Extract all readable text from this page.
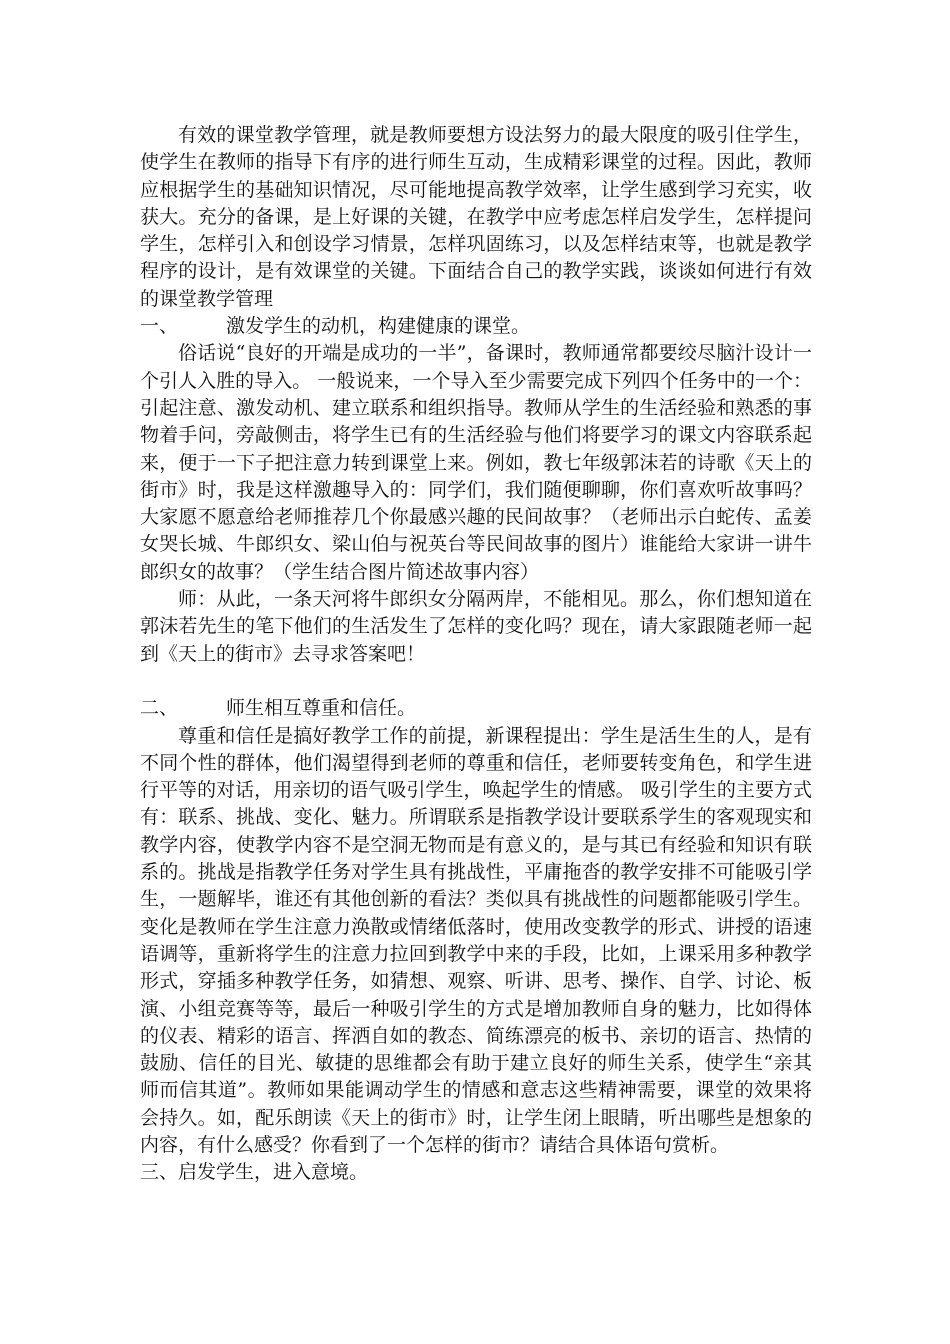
有效的课堂教学管理，就是教师要想方设法努力的最大限度的吸引住学生，使学生在教师的指导下有序的进行师生互动，生成精彩课堂的过程。因此，教师应根据学生的基础知识情况，尽可能地提高教学效率，让学生感到学习充实，收获大。充分的备课，是上好课的关键，在教学中应考虑怎样启发学生，怎样提问学生，怎样引入和创设学习情景，怎样巩固练习，以及怎样结束等，也就是教学程序的设计，是有效课堂的关键。下面结合自己的教学实践，谈谈如何进行有效的课堂教学管理

一、	激发学生的动机，构建健康的课堂。

俗话说“良好的开端是成功的一半”，备课时，教师通常都要绞尽脑汁设计一个引人入胜的导入。 一般说来，一个导入至少需要完成下列四个任务中的一个：引起注意、激发动机、建立联系和组织指导。教师从学生的生活经验和熟悉的事物着手问，旁敲侧击，将学生已有的生活经验与他们将要学习的课文内容联系起来，便于一下子把注意力转到课堂上来。例如，教七年级郭沫若的诗歌《天上的街市》时，我是这样激趣导入的：同学们，我们随便聊聊，你们喜欢听故事吗？大家愿不愿意给老师推荐几个你最感兴趣的民间故事？（老师出示白蛇传、孟姜女哭长城、牛郎织女、梁山伯与祝英台等民间故事的图片）谁能给大家讲一讲牛郎织女的故事？（学生结合图片简述故事内容）

师：从此，一条天河将牛郎织女分隔两岸，不能相见。那么，你们想知道在郭沫若先生的笔下他们的生活发生了怎样的变化吗？现在，请大家跟随老师一起到《天上的街市》去寻求答案吧！

二、	师生相互尊重和信任。

尊重和信任是搞好教学工作的前提，新课程提出：学生是活生生的人，是有不同个性的群体，他们渴望得到老师的尊重和信任，老师要转变角色，和学生进行平等的对话，用亲切的语气吸引学生，唤起学生的情感。 吸引学生的主要方式有：联系、挑战、变化、魅力。所谓联系是指教学设计要联系学生的客观现实和教学内容，使教学内容不是空洞无物而是有意义的，是与其已有经验和知识有联系的。挑战是指教学任务对学生具有挑战性，平庸拖沓的教学安排不可能吸引学生，一题解毕，谁还有其他创新的看法？类似具有挑战性的问题都能吸引学生。变化是教师在学生注意力涣散或情绪低落时，使用改变教学的形式、讲授的语速语调等，重新将学生的注意力拉回到教学中来的手段，比如，上课采用多种教学形式，穿插多种教学任务，如猜想、观察、听讲、思考、操作、自学、讨论、板演、小组竞赛等等，最后一种吸引学生的方式是增加教师自身的魅力，比如得体的仪表、精彩的语言、挥洒自如的教态、简练漂亮的板书、亲切的语言、热情的鼓励、信任的目光、敏捷的思维都会有助于建立良好的师生关系，使学生“亲其师而信其道”。教师如果能调动学生的情感和意志这些精神需要，课堂的效果将会持久。如，配乐朗读《天上的街市》时，让学生闭上眼睛，听出哪些是想象的内容，有什么感受？你看到了一个怎样的街市？请结合具体语句赏析。

三、启发学生，进入意境。
